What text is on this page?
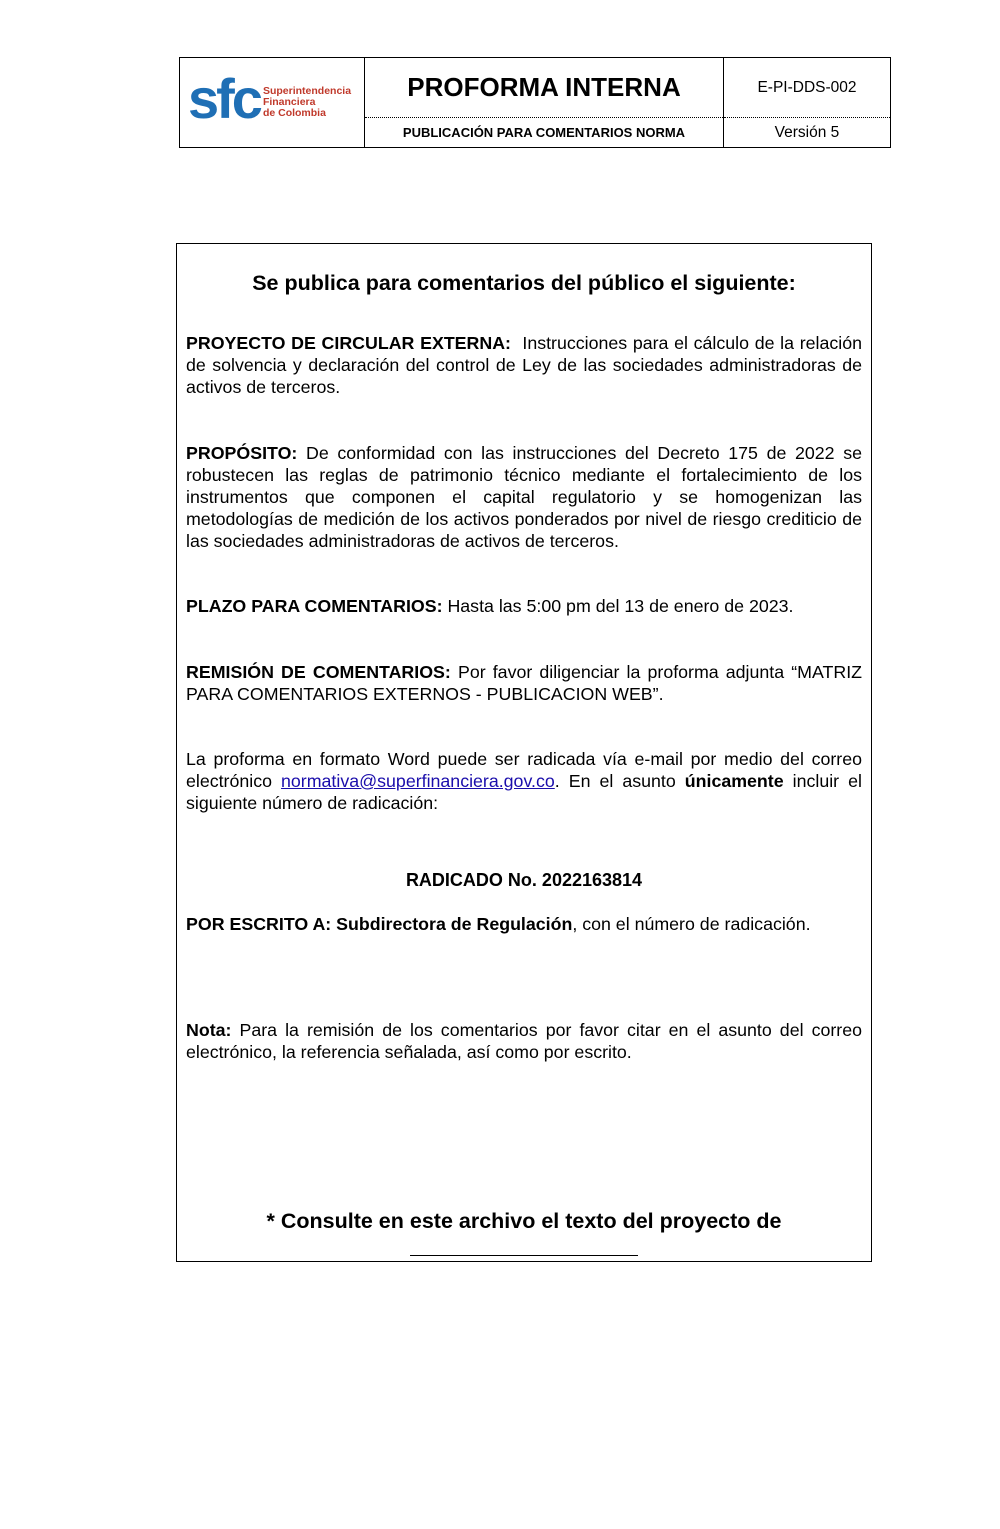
sfc Superintendencia
Financiera
de Colombia
PROFORMA INTERNA
PUBLICACIÓN PARA COMENTARIOS NORMA
E-PI-DDS-002
Versión 5
Se publica para comentarios del público el siguiente:

PROYECTO DE CIRCULAR EXTERNA: Instrucciones para el cálculo de la relación de solvencia y declaración del control de Ley de las sociedades administradoras de activos de terceros.

PROPÓSITO: De conformidad con las instrucciones del Decreto 175 de 2022 se robustecen las reglas de patrimonio técnico mediante el fortalecimiento de los instrumentos que componen el capital regulatorio y se homogenizan las metodologías de medición de los activos ponderados por nivel de riesgo crediticio de las sociedades administradoras de activos de terceros.

PLAZO PARA COMENTARIOS: Hasta las 5:00 pm del 13 de enero de 2023.

REMISIÓN DE COMENTARIOS: Por favor diligenciar la proforma adjunta “MATRIZ PARA COMENTARIOS EXTERNOS - PUBLICACION WEB”.

La proforma en formato Word puede ser radicada vía e-mail por medio del correo electrónico normativa@superfinanciera.gov.co. En el asunto únicamente incluir el siguiente número de radicación:

RADICADO No. 2022163814

POR ESCRITO A: Subdirectora de Regulación, con el número de radicación.

Nota: Para la remisión de los comentarios por favor citar en el asunto del correo electrónico, la referencia señalada, así como por escrito.

* Consulte en este archivo el texto del proyecto de
